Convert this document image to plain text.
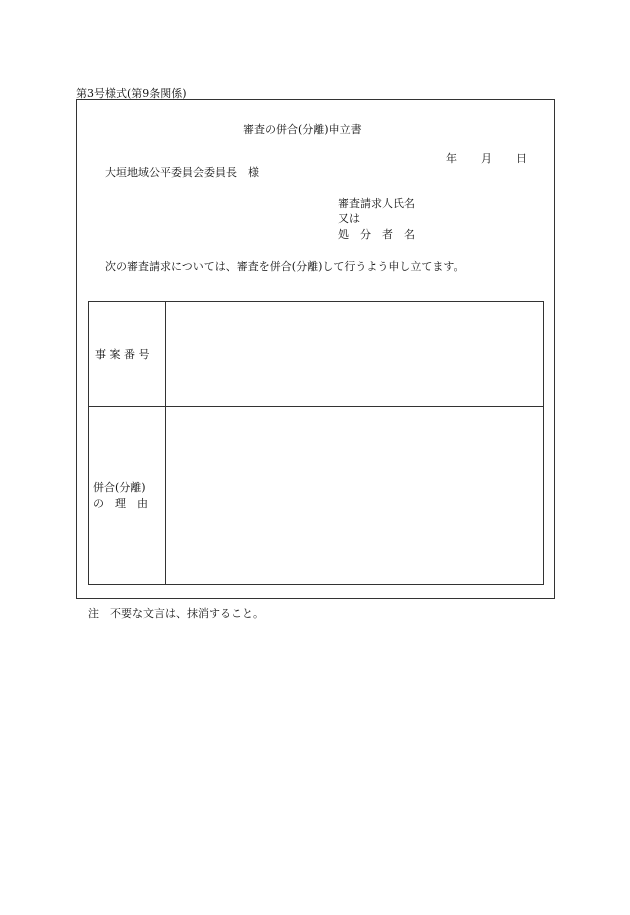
第3号様式(第9条関係)
審査の併合(分離)申立書
年 月 日
大垣地域公平委員会委員長　様
審査請求人氏名
又は
処　分　者　名
次の審査請求については、審査を併合(分離)して行うよう申し立てます。
事 案 番 号
併合(分離)
の　理　由
注　不要な文言は、抹消すること。
